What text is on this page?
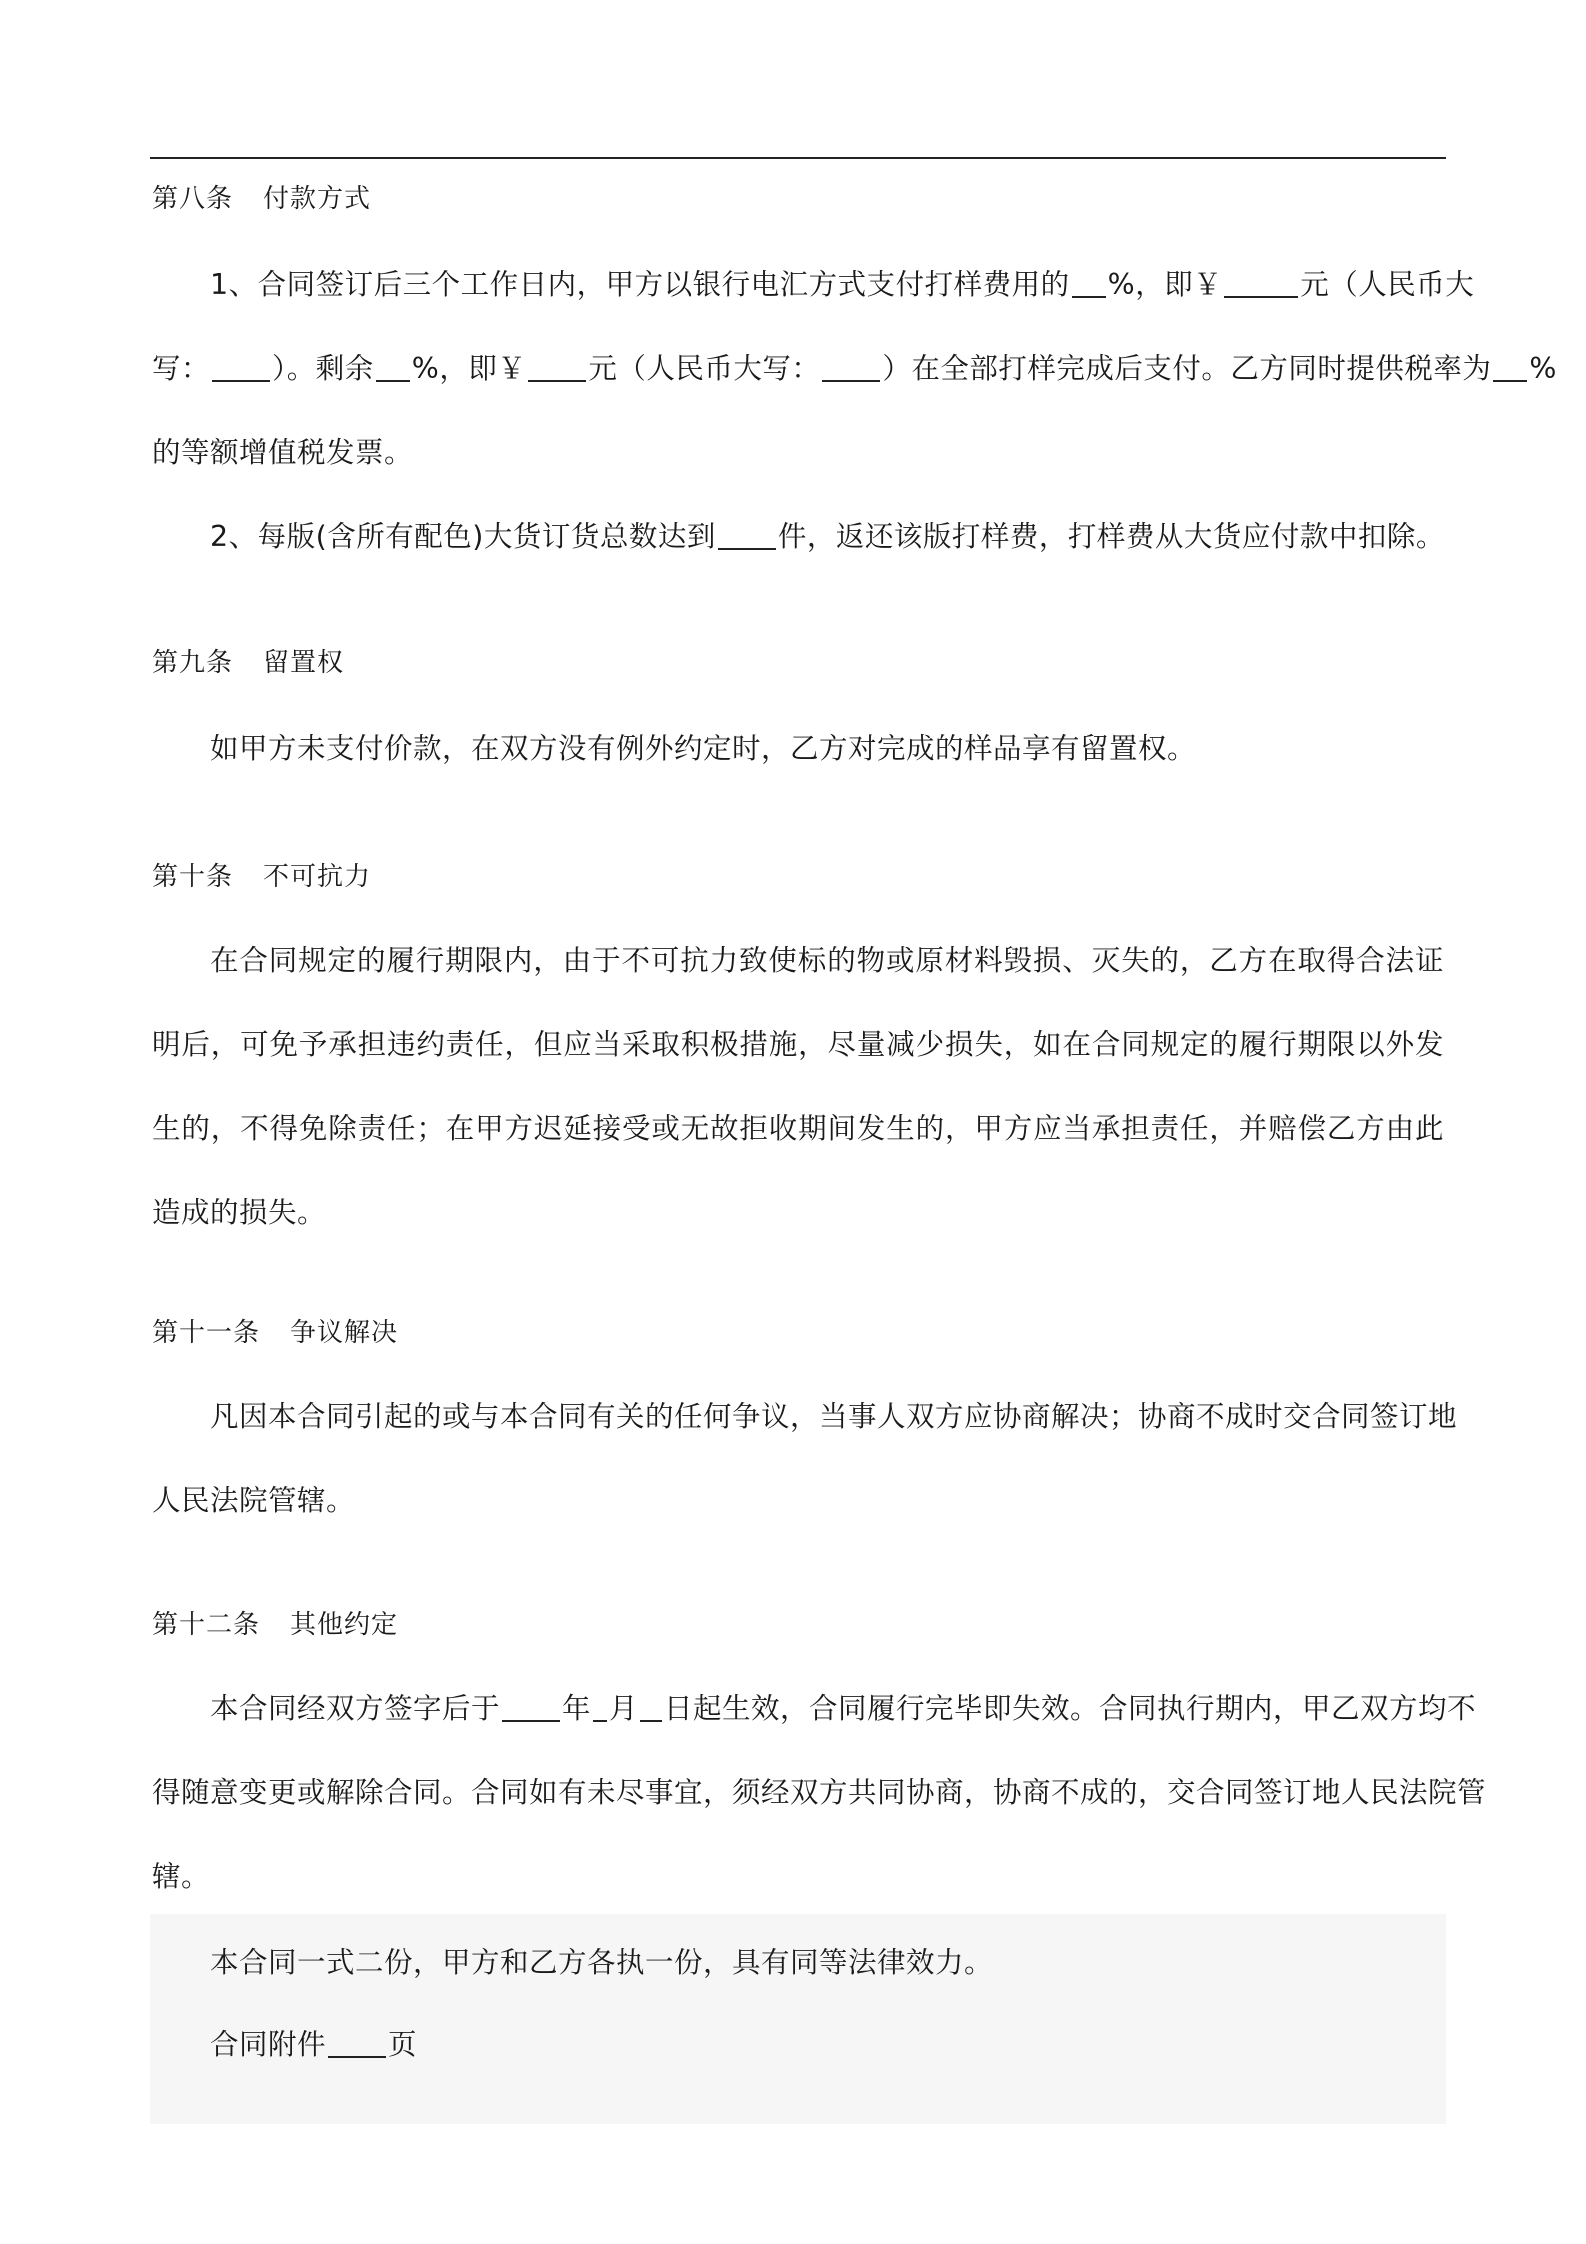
第八条 付款方式
1、合同签订后三个工作日内，甲方以银行电汇方式支付打样费用的 %，即￥	元（人民币大
写： ）。剩余 %，即￥ 元（人民币大写： ）在全部打样完成后支付。乙方同时提供税率为 %
的等额增值税发票。
2、每版(含所有配色)大货订货总数达到 件，返还该版打样费，打样费从大货应付款中扣除。
第九条 留置权
如甲方未支付价款，在双方没有例外约定时，乙方对完成的样品享有留置权。
第十条 不可抗力
在合同规定的履行期限内，由于不可抗力致使标的物或原材料毁损、灭失的，乙方在取得合法证
明后，可免予承担违约责任，但应当采取积极措施，尽量减少损失，如在合同规定的履行期限以外发
生的，不得免除责任；在甲方迟延接受或无故拒收期间发生的，甲方应当承担责任，并赔偿乙方由此
造成的损失。
第十一条 争议解决
凡因本合同引起的或与本合同有关的任何争议，当事人双方应协商解决；协商不成时交合同签订地
人民法院管辖。
第十二条 其他约定
本合同经双方签字后于 年 月 日起生效，合同履行完毕即失效。合同执行期内，甲乙双方均不
得随意变更或解除合同。合同如有未尽事宜，须经双方共同协商，协商不成的，交合同签订地人民法院管
辖。
本合同一式二份，甲方和乙方各执一份，具有同等法律效力。
合同附件 页
